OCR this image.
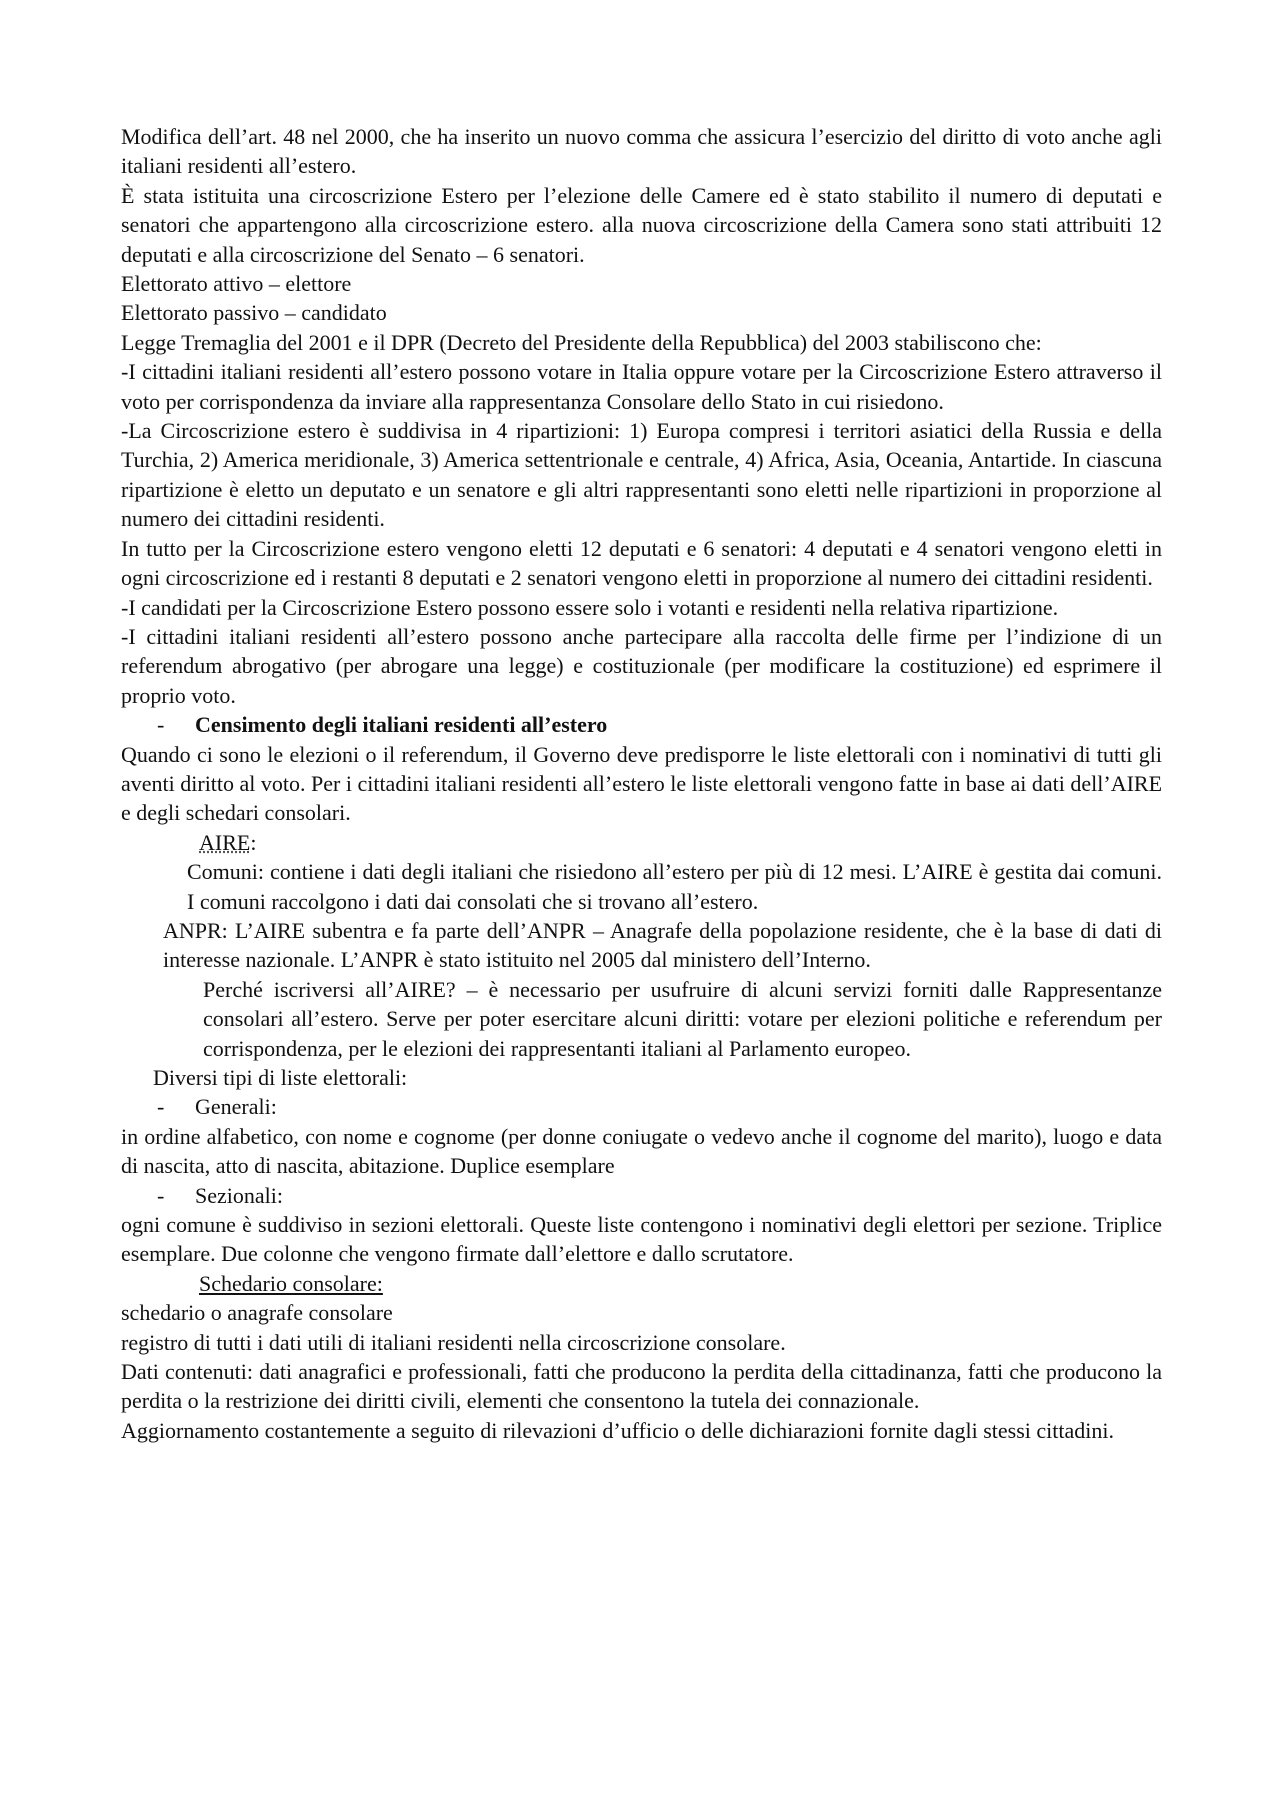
Modifica dell’art. 48 nel 2000, che ha inserito un nuovo comma che assicura l’esercizio del diritto di voto anche agli italiani residenti all’estero.

È stata istituita una circoscrizione Estero per l’elezione delle Camere ed è stato stabilito il numero di deputati e senatori che appartengono alla circoscrizione estero. alla nuova circoscrizione della Camera sono stati attribuiti 12 deputati e alla circoscrizione del Senato – 6 senatori.

Elettorato attivo – elettore

Elettorato passivo – candidato

Legge Tremaglia del 2001 e il DPR (Decreto del Presidente della Repubblica) del 2003 stabiliscono che:

-I cittadini italiani residenti all’estero possono votare in Italia oppure votare per la Circoscrizione Estero attraverso il voto per corrispondenza da inviare alla rappresentanza Consolare dello Stato in cui risiedono.

-La Circoscrizione estero è suddivisa in 4 ripartizioni: 1) Europa compresi i territori asiatici della Russia e della Turchia, 2) America meridionale, 3) America settentrionale e centrale, 4) Africa, Asia, Oceania, Antartide. In ciascuna ripartizione è eletto un deputato e un senatore e gli altri rappresentanti sono eletti nelle ripartizioni in proporzione al numero dei cittadini residenti.

In tutto per la Circoscrizione estero vengono eletti 12 deputati e 6 senatori: 4 deputati e 4 senatori vengono eletti in ogni circoscrizione ed i restanti 8 deputati e 2 senatori vengono eletti in proporzione al numero dei cittadini residenti.

-I candidati per la Circoscrizione Estero possono essere solo i votanti e residenti nella relativa ripartizione.

-I cittadini italiani residenti all’estero possono anche partecipare alla raccolta delle firme per l’indizione di un referendum abrogativo (per abrogare una legge) e costituzionale (per modificare la costituzione) ed esprimere il proprio voto.

- Censimento degli italiani residenti all’estero

Quando ci sono le elezioni o il referendum, il Governo deve predisporre le liste elettorali con i nominativi di tutti gli aventi diritto al voto. Per i cittadini italiani residenti all’estero le liste elettorali vengono fatte in base ai dati dell’AIRE e degli schedari consolari.

AIRE:

Comuni: contiene i dati degli italiani che risiedono all’estero per più di 12 mesi. L’AIRE è gestita dai comuni. I comuni raccolgono i dati dai consolati che si trovano all’estero.

ANPR: L’AIRE subentra e fa parte dell’ANPR – Anagrafe della popolazione residente, che è la base di dati di interesse nazionale. L’ANPR è stato istituito nel 2005 dal ministero dell’Interno.

Perché iscriversi all’AIRE? – è necessario per usufruire di alcuni servizi forniti dalle Rappresentanze consolari all’estero. Serve per poter esercitare alcuni diritti: votare per elezioni politiche e referendum per corrispondenza, per le elezioni dei rappresentanti italiani al Parlamento europeo.

Diversi tipi di liste elettorali:

- Generali:

in ordine alfabetico, con nome e cognome (per donne coniugate o vedevo anche il cognome del marito), luogo e data di nascita, atto di nascita, abitazione. Duplice esemplare

- Sezionali:

ogni comune è suddiviso in sezioni elettorali. Queste liste contengono i nominativi degli elettori per sezione. Triplice esemplare. Due colonne che vengono firmate dall’elettore e dallo scrutatore.

Schedario consolare:

schedario o anagrafe consolare

registro di tutti i dati utili di italiani residenti nella circoscrizione consolare.

Dati contenuti: dati anagrafici e professionali, fatti che producono la perdita della cittadinanza, fatti che producono la perdita o la restrizione dei diritti civili, elementi che consentono la tutela dei connazionale.

Aggiornamento costantemente a seguito di rilevazioni d’ufficio o delle dichiarazioni fornite dagli stessi cittadini.
